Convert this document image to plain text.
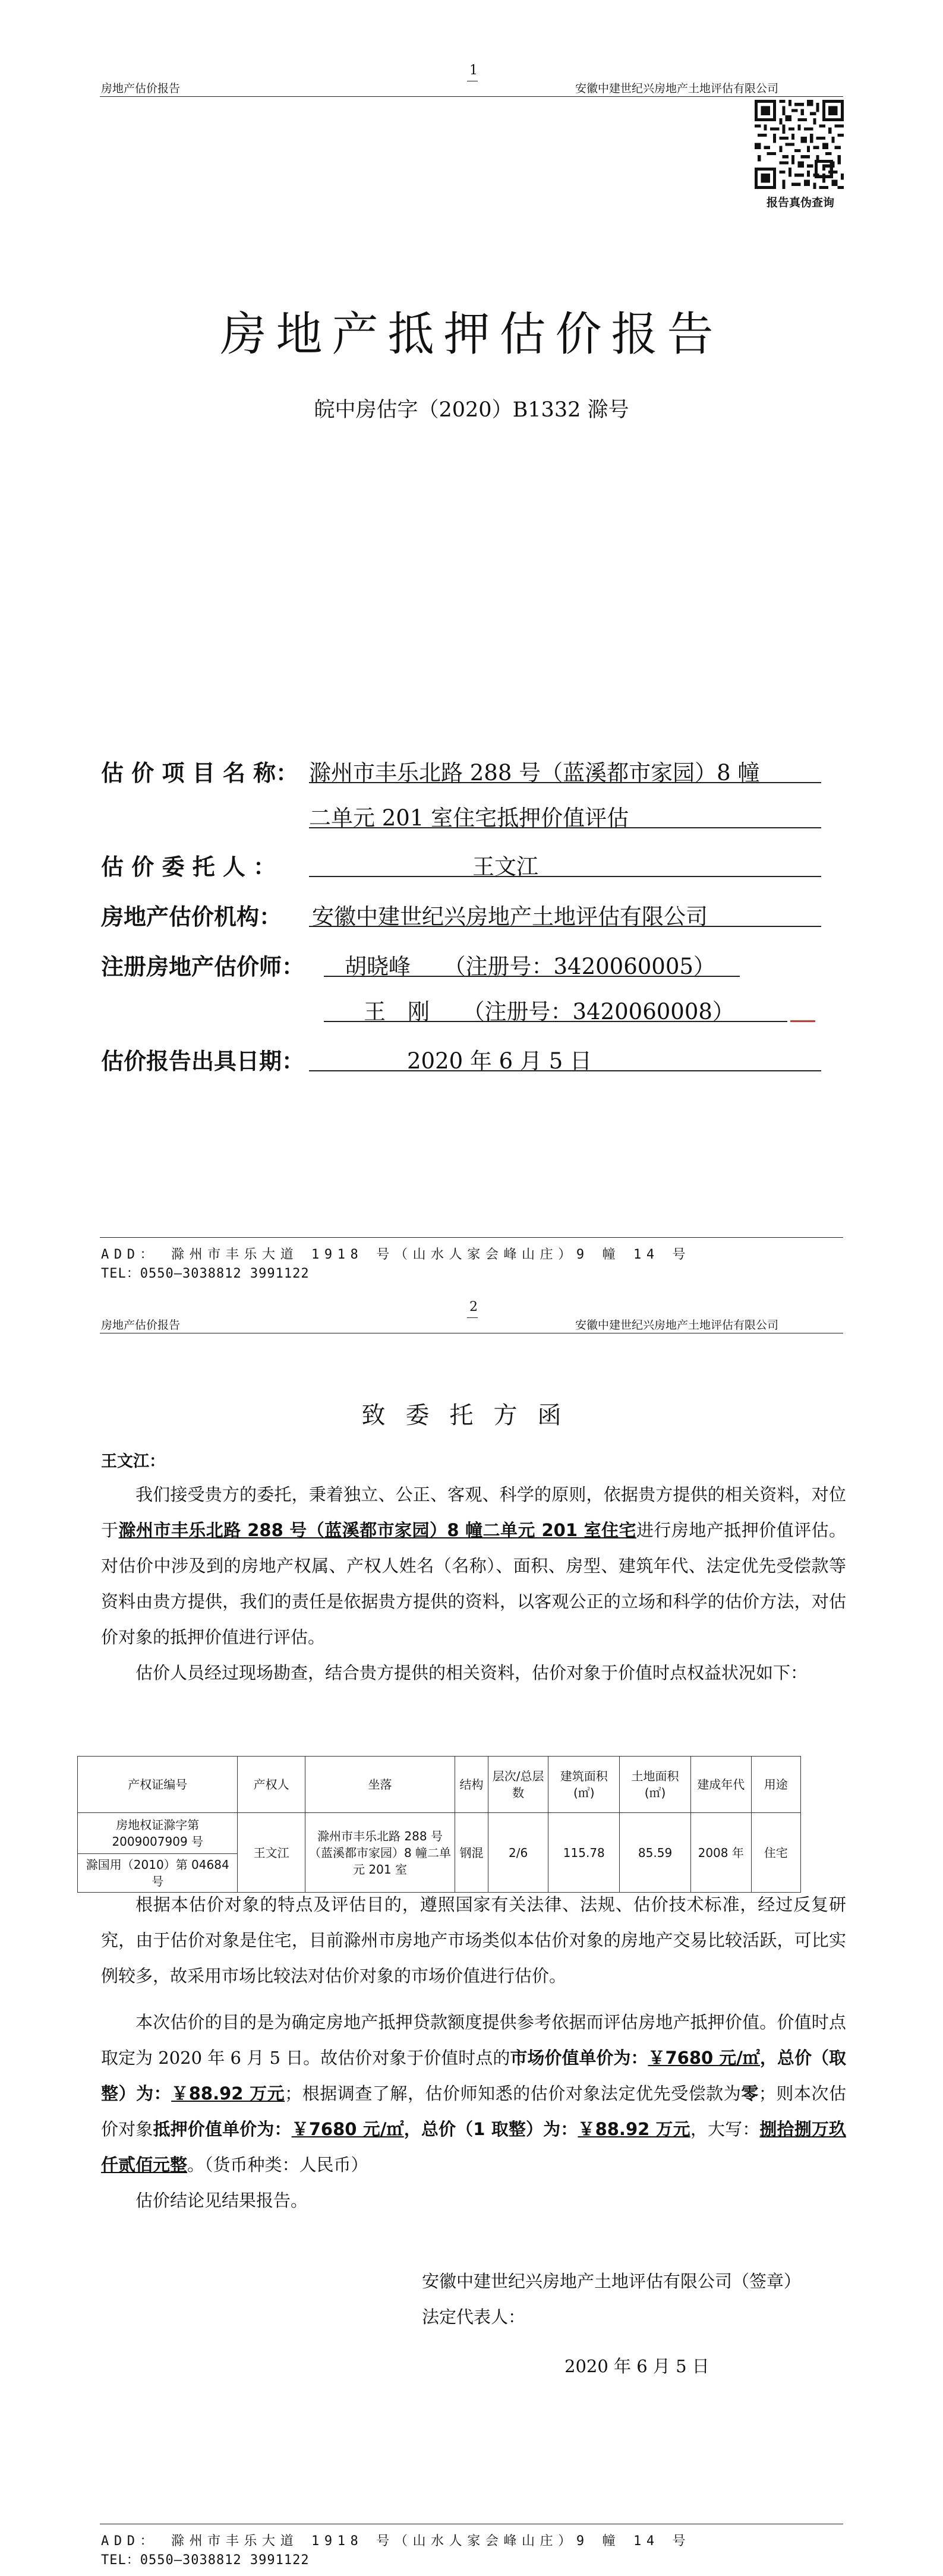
1
房地产估价报告	安徽中建世纪兴房地产土地评估有限公司
报告真伪查询
房地产抵押估价报告
皖中房估字（2020）B1332 滁号
估 价 项 目 名 称： 滁州市丰乐北路 288 号（蓝溪都市家园）8 幢
二单元 201 室住宅抵押价值评估
估 价 委 托 人 ：	王文江
房地产估价机构： 安徽中建世纪兴房地产土地评估有限公司
注册房地产估价师： 胡晓峰　　（注册号：3420060005）
王　刚　　（注册号：3420060008）
估价报告出具日期：	2020 年 6 月 5 日
ADD： 滁州市丰乐大道 1918 号（山水人家会峰山庄）9 幢 14 号
TEL：0550—3038812 3991122
2
房地产估价报告	安徽中建世纪兴房地产土地评估有限公司
致委托方函
王文江：
我们接受贵方的委托，秉着独立、公正、客观、科学的原则，依据贵方提供的相关资料，对位于滁州市丰乐北路 288 号（蓝溪都市家园）8 幢二单元 201 室住宅进行房地产抵押价值评估。对估价中涉及到的房地产权属、产权人姓名（名称）、面积、房型、建筑年代、法定优先受偿款等资料由贵方提供，我们的责任是依据贵方提供的资料，以客观公正的立场和科学的估价方法，对估价对象的抵押价值进行评估。
估价人员经过现场勘查，结合贵方提供的相关资料，估价对象于价值时点权益状况如下：
产权证编号	产权人	坐落	结构	层次/总层数	建筑面积(㎡)	土地面积(㎡)	建成年代	用途
房地权证滁字第 2009007909 号	王文江	滁州市丰乐北路 288 号（蓝溪都市家园）8 幢二单元 201 室	钢混	2/6	115.78	85.59	2008 年	住宅
滁国用（2010）第 04684 号								
根据本估价对象的特点及评估目的，遵照国家有关法律、法规、估价技术标准，经过反复研究，由于估价对象是住宅，目前滁州市房地产市场类似本估价对象的房地产交易比较活跃，可比实例较多，故采用市场比较法对估价对象的市场价值进行估价。
本次估价的目的是为确定房地产抵押贷款额度提供参考依据而评估房地产抵押价值。价值时点取定为 2020 年 6 月 5 日。故估价对象于价值时点的市场价值单价为：￥7680 元/㎡，总价（取整）为：￥88.92 万元；根据调查了解，估价师知悉的估价对象法定优先受偿款为零；则本次估价对象抵押价值单价为：￥7680 元/㎡，总价（1 取整）为：￥88.92 万元，大写：捌拾捌万玖仟贰佰元整。（货币种类：人民币）
估价结论见结果报告。
安徽中建世纪兴房地产土地评估有限公司（签章）
法定代表人：
2020 年 6 月 5 日
ADD： 滁州市丰乐大道 1918 号（山水人家会峰山庄）9 幢 14 号
TEL：0550—3038812 3991122
